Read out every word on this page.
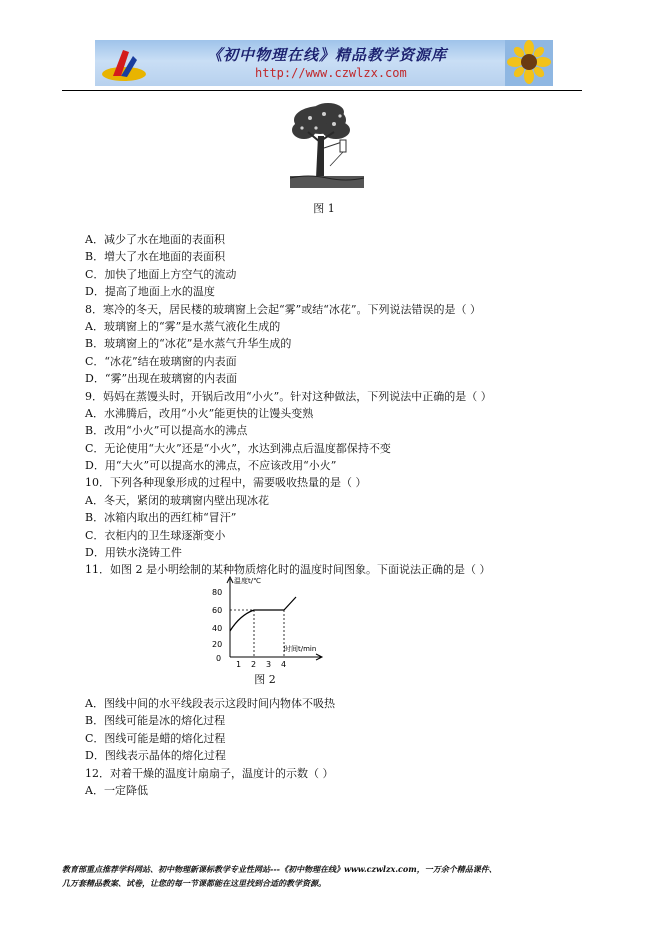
《初中物理在线》精品教学资源库
http://www.czwlzx.com
图 1
A．减少了水在地面的表面积
B．增大了水在地面的表面积
C．加快了地面上方空气的流动
D．提高了地面上水的温度
8．寒冷的冬天，居民楼的玻璃窗上会起“雾”或结“冰花”。下列说法错误的是（ ）
A．玻璃窗上的“雾”是水蒸气液化生成的
B．玻璃窗上的“冰花”是水蒸气升华生成的
C．“冰花”结在玻璃窗的内表面
D．“雾”出现在玻璃窗的内表面
9．妈妈在蒸馒头时，开锅后改用“小火”。针对这种做法，下列说法中正确的是（ ）
A．水沸腾后，改用“小火”能更快的让馒头变熟
B．改用“小火”可以提高水的沸点
C．无论使用“大火”还是“小火”，水达到沸点后温度都保持不变
D．用“大火”可以提高水的沸点，不应该改用“小火”
10．下列各种现象形成的过程中，需要吸收热量的是（ ）
A．冬天，紧闭的玻璃窗内壁出现冰花
B．冰箱内取出的西红柿“冒汗”
C．衣柜内的卫生球逐渐变小
D．用铁水浇铸工件
11．如图 2 是小明绘制的某种物质熔化时的温度时间图象。下面说法正确的是（ ）
温度t/℃
时间t/min
80
60
40
20
0
1 2 3 4
图 2
A．图线中间的水平线段表示这段时间内物体不吸热
B．图线可能是冰的熔化过程
C．图线可能是蜡的熔化过程
D．图线表示晶体的熔化过程
12．对着干燥的温度计扇扇子，温度计的示数（ ）
A．一定降低
教育部重点推荐学科网站、初中物理新课标教学专业性网站---《初中物理在线》www.czwlzx.com，一万余个精品课件、
几万套精品教案、试卷，让您的每一节课都能在这里找到合适的教学资源。
